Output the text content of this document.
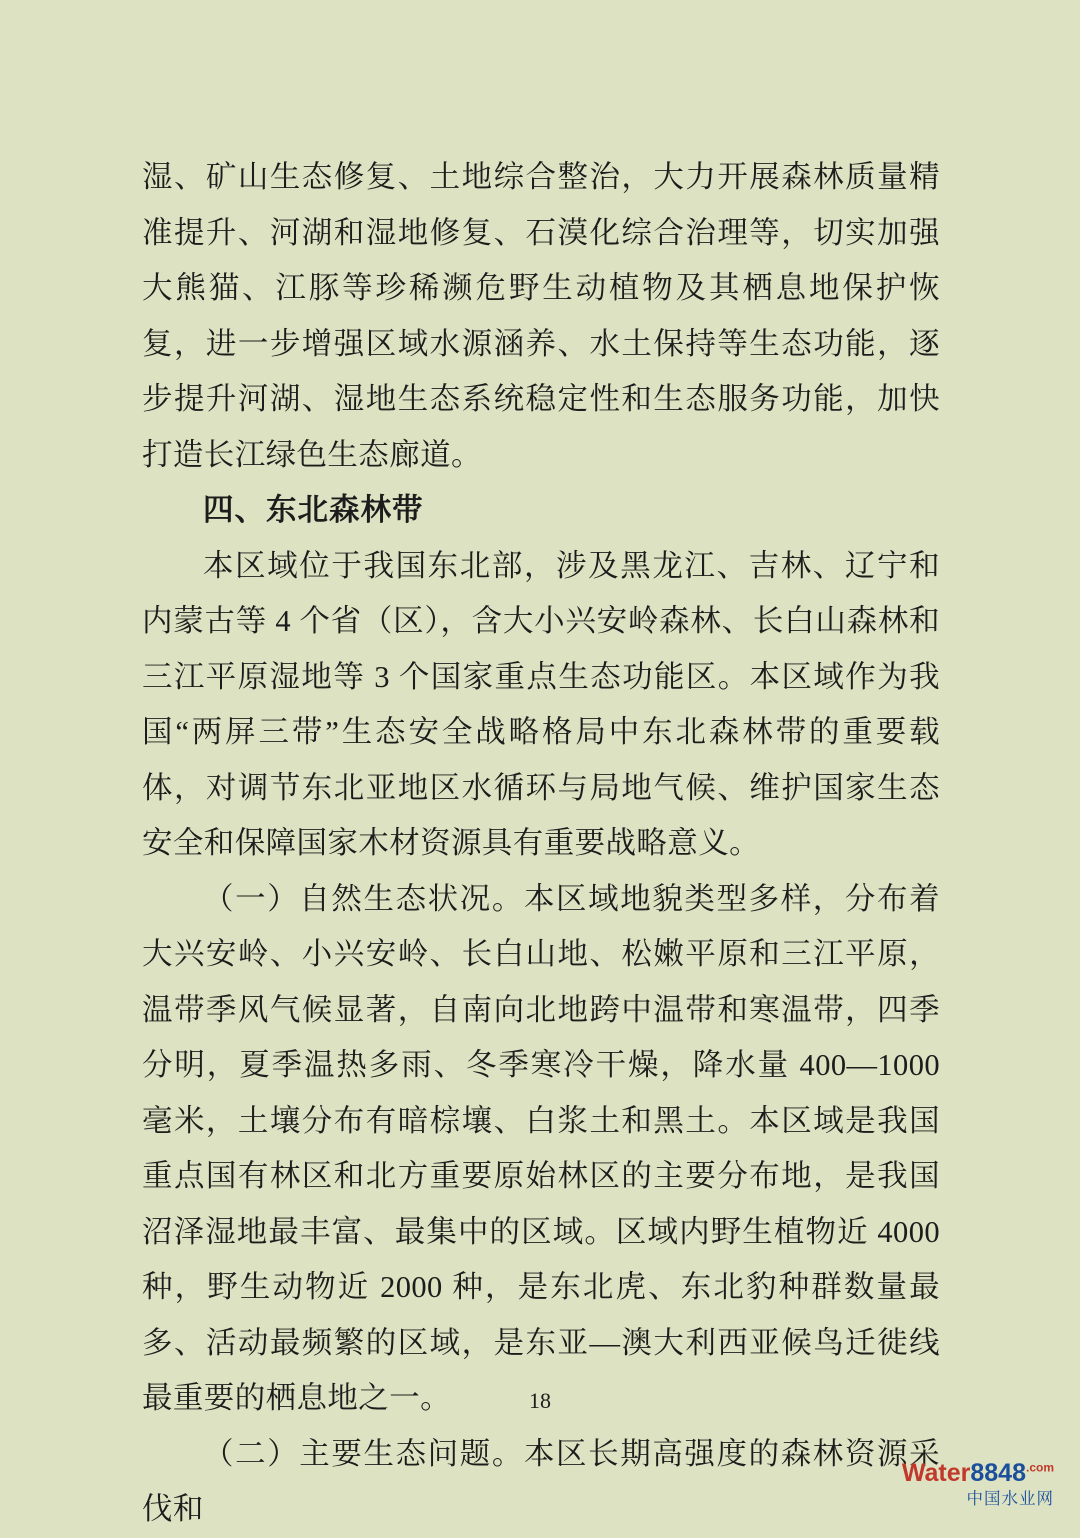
湿、矿山生态修复、土地综合整治，大力开展森林质量精准提升、河湖和湿地修复、石漠化综合治理等，切实加强大熊猫、江豚等珍稀濒危野生动植物及其栖息地保护恢复，进一步增强区域水源涵养、水土保持等生态功能，逐步提升河湖、湿地生态系统稳定性和生态服务功能，加快打造长江绿色生态廊道。

四、东北森林带

本区域位于我国东北部，涉及黑龙江、吉林、辽宁和内蒙古等 4 个省（区），含大小兴安岭森林、长白山森林和三江平原湿地等 3 个国家重点生态功能区。本区域作为我国“两屏三带”生态安全战略格局中东北森林带的重要载体，对调节东北亚地区水循环与局地气候、维护国家生态安全和保障国家木材资源具有重要战略意义。

（一）自然生态状况。本区域地貌类型多样，分布着大兴安岭、小兴安岭、长白山地、松嫩平原和三江平原，温带季风气候显著，自南向北地跨中温带和寒温带，四季分明，夏季温热多雨、冬季寒冷干燥，降水量 400—1000 毫米，土壤分布有暗棕壤、白浆土和黑土。本区域是我国重点国有林区和北方重要原始林区的主要分布地，是我国沼泽湿地最丰富、最集中的区域。区域内野生植物近 4000 种，野生动物近 2000 种，是东北虎、东北豹种群数量最多、活动最频繁的区域，是东亚—澳大利西亚候鸟迁徙线最重要的栖息地之一。

（二）主要生态问题。本区长期高强度的森林资源采伐和

18
$Water8848^{.com}$
中国水业网
